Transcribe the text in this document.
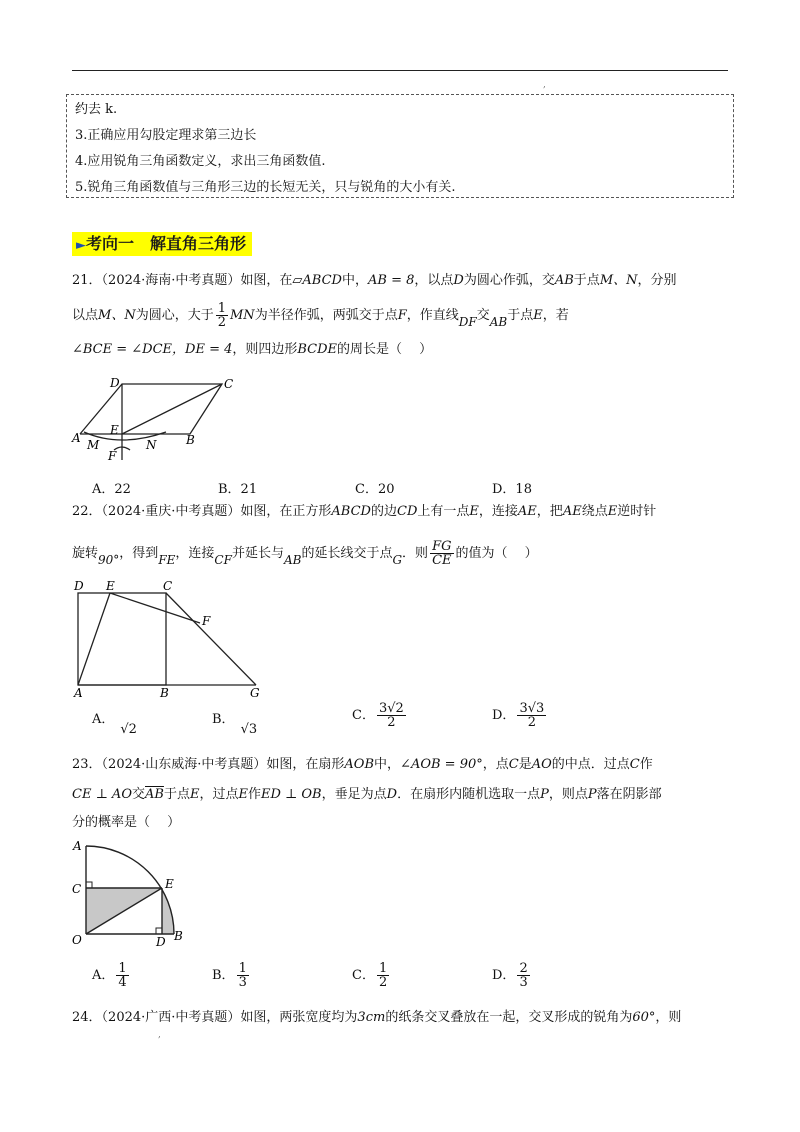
,
约去 k.
3.正确应用勾股定理求第三边长
4.应用锐角三角函数定义，求出三角函数值.
5.锐角三角函数值与三角形三边的长短无关，只与锐角的大小有关.
►考向一　解直角三角形
21．（2024·海南·中考真题）如图，在▱ABCD中，AB = 8，以点D为圆心作弧，交AB于点M、N，分别
以点M、N为圆心，大于 $\frac{1}{2}$ MN为半径作弧，两弧交于点F，作直线DF交AB于点E，若
∠BCE = ∠DCE，DE = 4，则四边形BCDE的周长是（　 ）
D	C
A
E
B
M	N
F
A．22	B．21	C．20	D．18
22．（2024·重庆·中考真题）如图，在正方形ABCD的边CD上有一点E，连接AE，把AE绕点E逆时针
旋转90°，得到FE，连接CF并延长与AB的延长线交于点G．则 $\frac{FG}{CE}$ 的值为（　 ）
D E	C
F
A	B	G
A．√2
B．√3
C． $\frac{3√2}{2}$	D． $\frac{3√3}{2}$
23．（2024·山东威海·中考真题）如图，在扇形AOB中，∠AOB = 90°，点C是AO的中点．过点C作
CE ⊥ AO交$\overline{AB}$于点E，过点E作ED ⊥ OB，垂足为点D．在扇形内随机选取一点P，则点P落在阴影部
分的概率是（　 ）
A
C	E
O	D B
A． $\frac{1}{4}$	B． $\frac{1}{3}$	C． $\frac{1}{2}$	D． $\frac{2}{3}$
24．（2024·广西·中考真题）如图，两张宽度均为3cm的纸条交叉叠放在一起，交叉形成的锐角为60°，则
,
